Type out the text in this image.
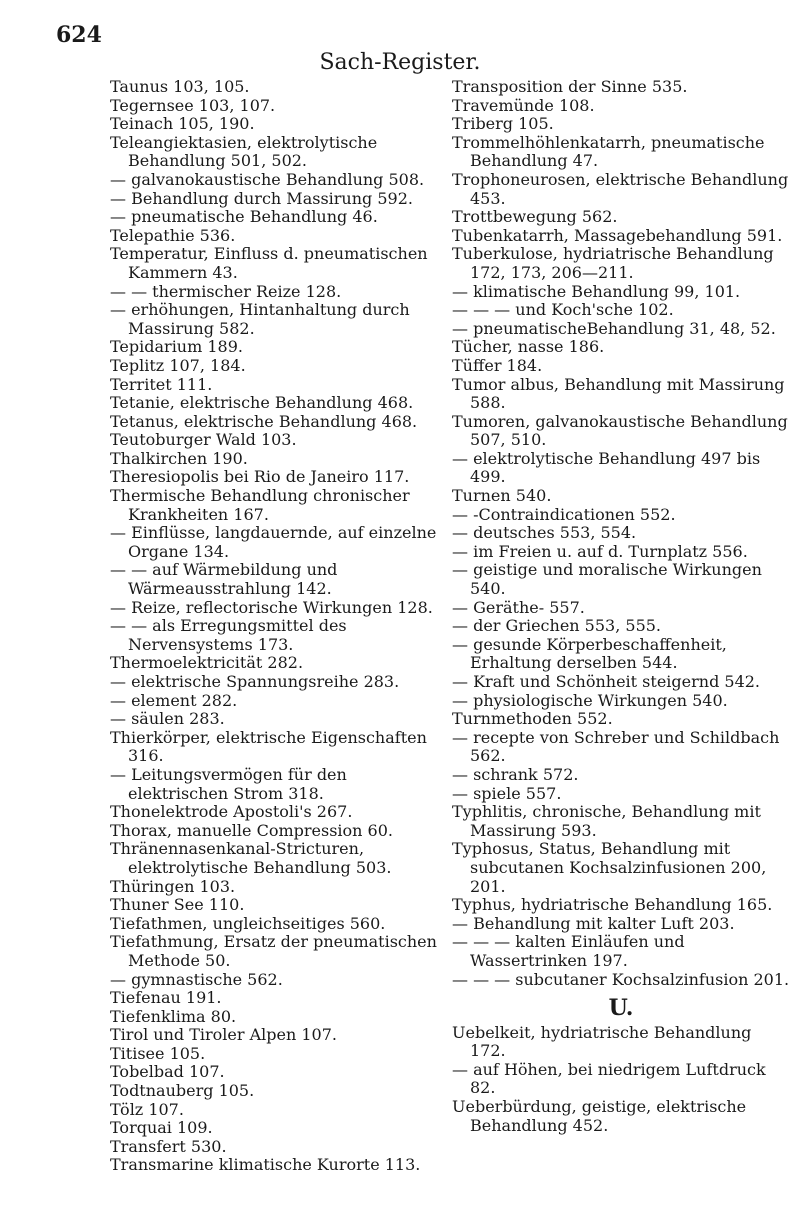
624
Sach-Register.

Taunus 103, 105.

Tegernsee 103, 107.

Teinach 105, 190.

Teleangiektasien, elektrolytische Behandlung 501, 502.

— galvanokaustische Behandlung 508.

— Behandlung durch Massirung 592.

— pneumatische Behandlung 46.

Telepathie 536.

Temperatur, Einfluss d. pneumatischen Kammern 43.

— — thermischer Reize 128.

— erhöhungen, Hintanhaltung durch Massirung 582.

Tepidarium 189.

Teplitz 107, 184.

Territet 111.

Tetanie, elektrische Behandlung 468.

Tetanus, elektrische Behandlung 468.

Teutoburger Wald 103.

Thalkirchen 190.

Theresiopolis bei Rio de Janeiro 117.

Thermische Behandlung chronischer Krankheiten 167.

— Einflüsse, langdauernde, auf einzelne Organe 134.

— — auf Wärmebildung und Wärmeausstrahlung 142.

— Reize, reflectorische Wirkungen 128.

— — als Erregungsmittel des Nervensystems 173.

Thermoelektricität 282.

— elektrische Spannungsreihe 283.

— element 282.

— säulen 283.

Thierkörper, elektrische Eigenschaften 316.

— Leitungsvermögen für den elektrischen Strom 318.

Thonelektrode Apostoli's 267.

Thorax, manuelle Compression 60.

Thränennasenkanal-Stricturen, elektrolytische Behandlung 503.

Thüringen 103.

Thuner See 110.

Tiefathmen, ungleichseitiges 560.

Tiefathmung, Ersatz der pneumatischen Methode 50.

— gymnastische 562.

Tiefenau 191.

Tiefenklima 80.

Tirol und Tiroler Alpen 107.

Titisee 105.

Tobelbad 107.

Todtnauberg 105.

Tölz 107.

Torquai 109.

Transfert 530.

Transmarine klimatische Kurorte 113.

Transposition der Sinne 535.

Travemünde 108.

Triberg 105.

Trommelhöhlenkatarrh, pneumatische Behandlung 47.

Trophoneurosen, elektrische Behandlung 453.

Trottbewegung 562.

Tubenkatarrh, Massagebehandlung 591.

Tuberkulose, hydriatrische Behandlung 172, 173, 206—211.

— klimatische Behandlung 99, 101.

— — — und Koch'sche 102.

— pneumatischeBehandlung 31, 48, 52.

Tücher, nasse 186.

Tüffer 184.

Tumor albus, Behandlung mit Massirung 588.

Tumoren, galvanokaustische Behandlung 507, 510.

— elektrolytische Behandlung 497 bis 499.

Turnen 540.

— -Contraindicationen 552.

— deutsches 553, 554.

— im Freien u. auf d. Turnplatz 556.

— geistige und moralische Wirkungen 540.

— Geräthe- 557.

— der Griechen 553, 555.

— gesunde Körperbeschaffenheit, Erhaltung derselben 544.

— Kraft und Schönheit steigernd 542.

— physiologische Wirkungen 540.

Turnmethoden 552.

— recepte von Schreber und Schildbach 562.

— schrank 572.

— spiele 557.

Typhlitis, chronische, Behandlung mit Massirung 593.

Typhosus, Status, Behandlung mit subcutanen Kochsalzinfusionen 200, 201.

Typhus, hydriatrische Behandlung 165.

— Behandlung mit kalter Luft 203.

— — — kalten Einläufen und Wassertrinken 197.

— — — subcutaner Kochsalzinfusion 201.

U.

Uebelkeit, hydriatrische Behandlung 172.

— auf Höhen, bei niedrigem Luftdruck 82.

Ueberbürdung, geistige, elektrische Behandlung 452.
